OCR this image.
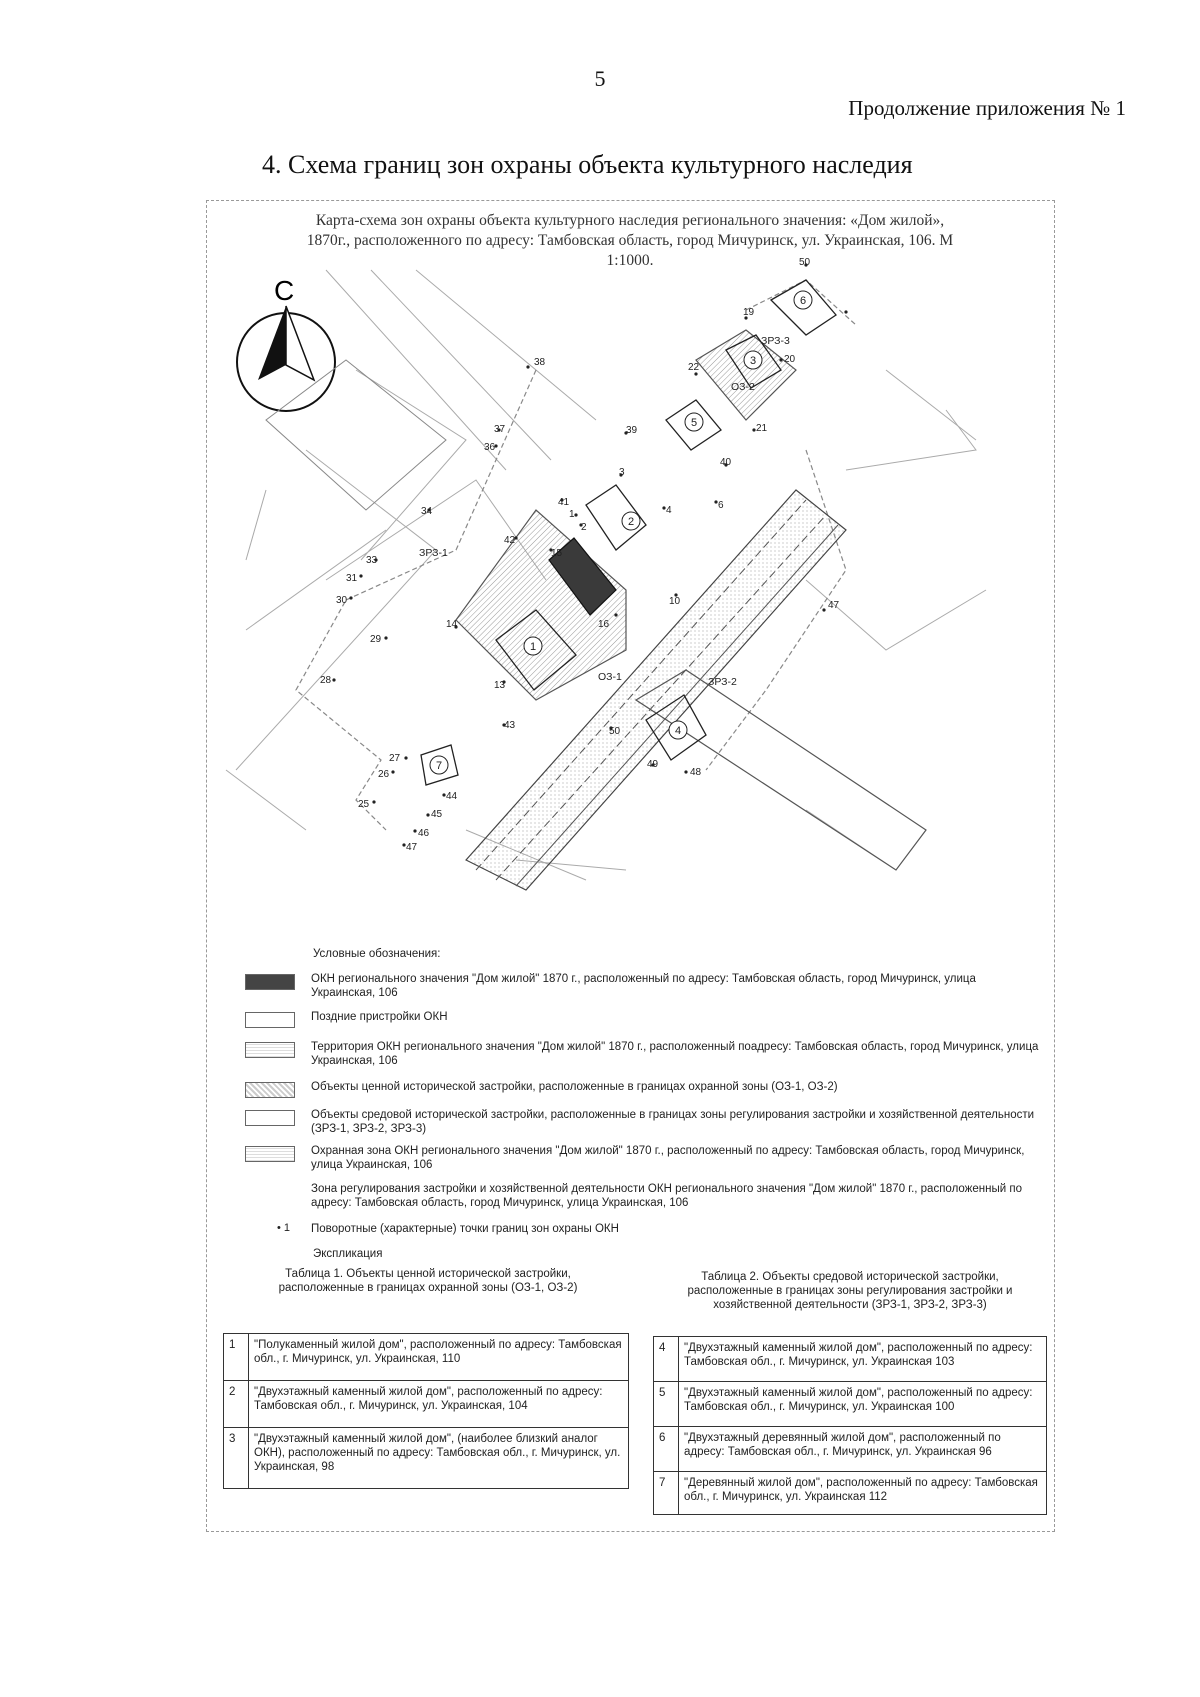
5
Продолжение приложения № 1
4. Схема границ зон охраны объекта культурного наследия
Карта-схема зон охраны объекта культурного наследия регионального значения: «Дом жилой»,
1870г., расположенного по адресу: Тамбовская область, город Мичуринск, ул. Украинская, 106. М
1:1000.
С
1
2
3
4
5
6
7
ЗРЗ-1
ЗРЗ-2
ЗРЗ-3
ОЗ-1
ОЗ-2
50
19
20
22
21
40
38
39
37
36
3
41
1
2
4	6
42
15
34
33
31
30
29
28
14
13
16
10	47
43
50
49
48
27
26
25
44
45
46
47
Условные обозначения:
ОКН регионального значения "Дом жилой" 1870 г., расположенный по адресу: Тамбовская область, город Мичуринск, улица Украинская, 106
Поздние пристройки ОКН
Территория ОКН регионального значения "Дом жилой" 1870 г., расположенный поадресу: Тамбовская область, город Мичуринск, улица Украинская, 106
Объекты ценной исторической застройки, расположенные в границах охранной зоны (ОЗ-1, ОЗ-2)
Объекты средовой исторической застройки, расположенные в границах зоны регулирования застройки и хозяйственной деятельности (ЗРЗ-1, ЗРЗ-2, ЗРЗ-3)
Охранная зона ОКН регионального значения "Дом жилой" 1870 г., расположенный по адресу: Тамбовская область, город Мичуринск, улица Украинская, 106
Зона регулирования застройки и хозяйственной деятельности ОКН регионального значения "Дом жилой" 1870 г., расположенный по адресу: Тамбовская область, город Мичуринск, улица Украинская, 106
• 1 Поворотные (характерные) точки границ зон охраны ОКН
Экспликация
Таблица 1. Объекты ценной исторической застройки,
расположенные в границах охранной зоны (ОЗ-1, ОЗ-2)
Таблица 2. Объекты средовой исторической застройки,
расположенные в границах зоны регулирования застройки и
хозяйственной деятельности (ЗРЗ-1, ЗРЗ-2, ЗРЗ-3)
1	"Полукаменный жилой дом", расположенный по адресу: Тамбовская обл., г. Мичуринск, ул. Украинская, 110
2	"Двухэтажный каменный жилой дом", расположенный по адресу: Тамбовская обл., г. Мичуринск, ул. Украинская, 104
3	"Двухэтажный каменный жилой дом", (наиболее близкий аналог ОКН), расположенный по адресу: Тамбовская обл., г. Мичуринск, ул. Украинская, 98
4	"Двухэтажный каменный жилой дом", расположенный по адресу: Тамбовская обл., г. Мичуринск, ул. Украинская 103
5	"Двухэтажный каменный жилой дом", расположенный по адресу: Тамбовская обл., г. Мичуринск, ул. Украинская 100
6	"Двухэтажный деревянный жилой дом", расположенный по адресу: Тамбовская обл., г. Мичуринск, ул. Украинская 96
7	"Деревянный жилой дом", расположенный по адресу: Тамбовская обл., г. Мичуринск, ул. Украинская 112
